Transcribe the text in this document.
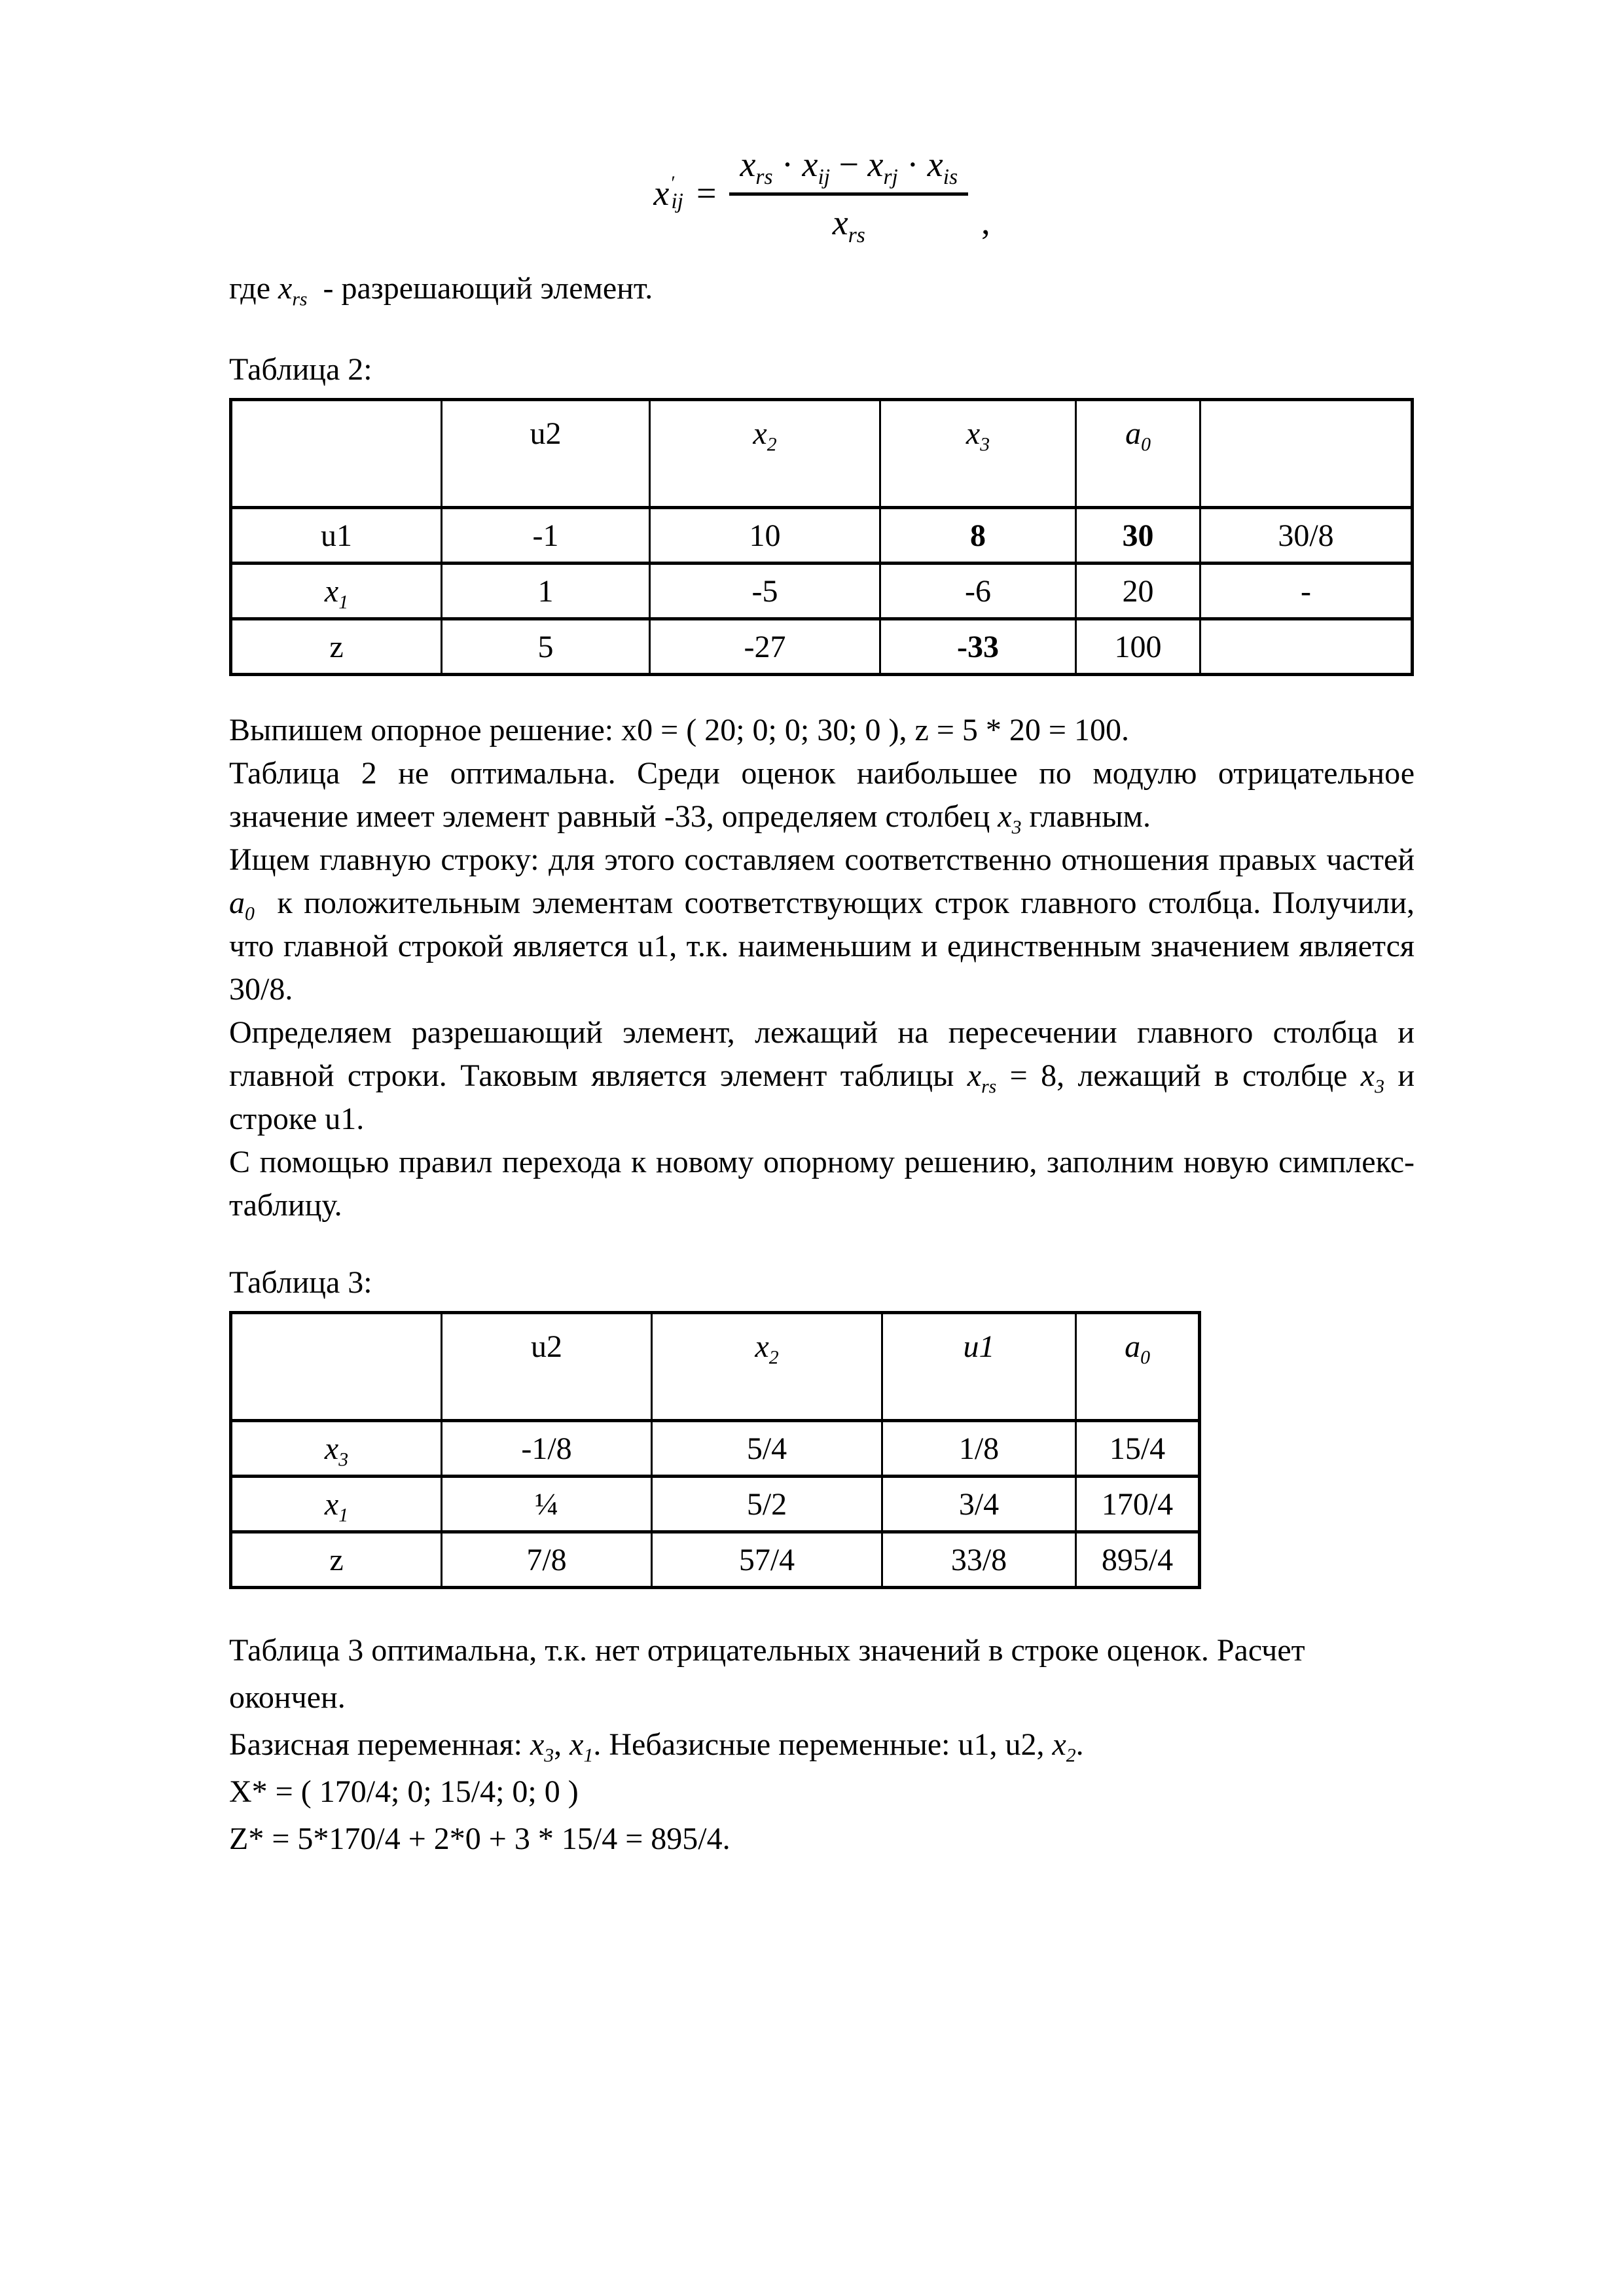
x ′
ij = $\frac{x_{rs} \cdot x_{ij} - x_{rj} \cdot x_{is}}{x_{rs}}$ ,
где $x_{rs}$  - разрешающий элемент.
Таблица 2:
	u2	$x_2$	$x_3$	$a_0$	
u1	-1	10	8	30	30/8
$x_1$	1	-5	-6	20	-
z	5	-27	-33	100	
Выпишем опорное решение: x0 = ( 20; 0; 0; 30; 0 ), z = 5 * 20 = 100.
Таблица 2 не оптимальна. Среди оценок наибольшее по модулю отрицательное значение имеет элемент равный -33, определяем столбец $x_3$ главным.
Ищем главную строку: для этого составляем соответственно отношения правых частей $a_0$  к положительным элементам соответствующих строк главного столбца. Получили, что главной строкой является u1, т.к. наименьшим и единственным значением является 30/8.
Определяем разрешающий элемент, лежащий на пересечении главного столбца и главной строки. Таковым является элемент таблицы $x_{rs} = 8$, лежащий в столбце $x_3$ и строке u1.
С помощью правил перехода к новому опорному решению, заполним новую симплекс-таблицу.
Таблица 3:
	u2	$x_2$	u1	$a_0$
$x_3$	-1/8	5/4	1/8	15/4
$x_1$	¼	5/2	3/4	170/4
z	7/8	57/4	33/8	895/4
Таблица 3 оптимальна, т.к. нет отрицательных значений в строке оценок. Расчет окончен.
Базисная переменная: $x_3$, $x_1$. Небазисные переменные: u1, u2, $x_2$.
X* = ( 170/4; 0; 15/4; 0; 0 )
Z* = 5*170/4 + 2*0 + 3 * 15/4 = 895/4.
